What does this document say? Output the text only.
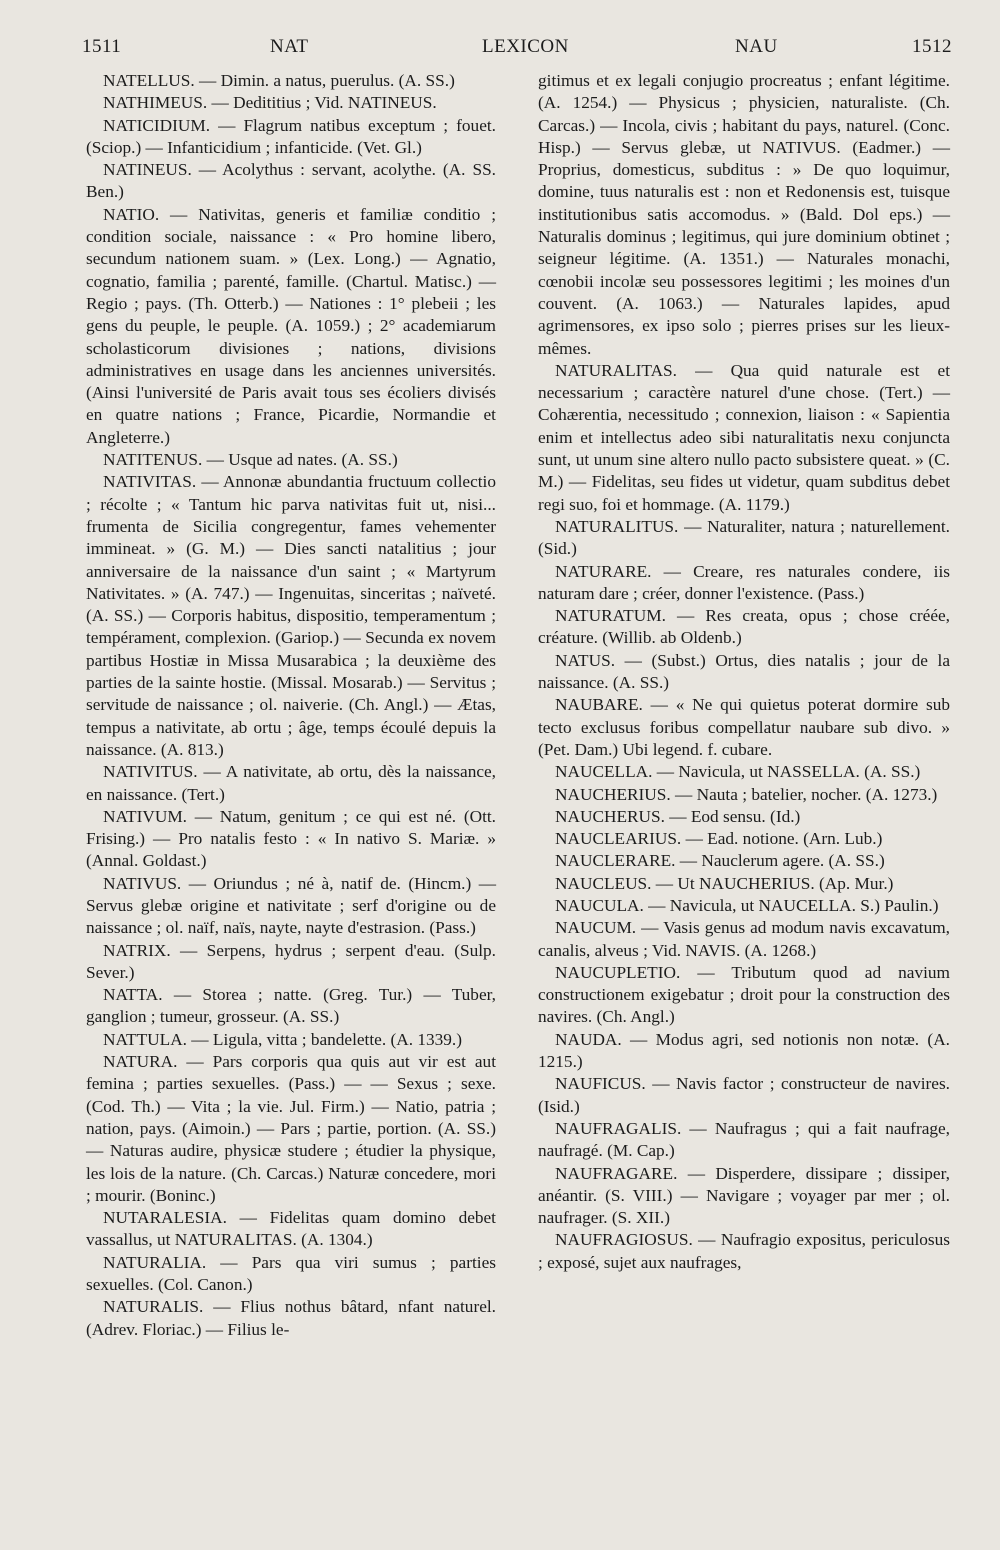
1511	NAT	LEXICON	NAU	1512

NATELLUS. — Dimin. a natus, puerulus. (A. SS.)

NATHIMEUS. — Dedititius ; Vid. NATINEUS.

NATICIDIUM. — Flagrum natibus exceptum ; fouet. (Sciop.) — Infanticidium ; infanticide. (Vet. Gl.)

NATINEUS. — Acolythus : servant, acolythe. (A. SS. Ben.)

NATIO. — Nativitas, generis et familiæ conditio ; condition sociale, naissance : « Pro homine libero, secundum nationem suam. » (Lex. Long.) — Agnatio, cognatio, familia ; parenté, famille. (Chartul. Matisc.) — Regio ; pays. (Th. Otterb.) — Nationes : 1° plebeii ; les gens du peuple, le peuple. (A. 1059.) ; 2° academiarum scholasticorum divisiones ; nations, divisions administratives en usage dans les anciennes universités. (Ainsi l'université de Paris avait tous ses écoliers divisés en quatre nations ; France, Picardie, Normandie et Angleterre.)

NATITENUS. — Usque ad nates. (A. SS.)

NATIVITAS. — Annonæ abundantia fructuum collectio ; récolte ; « Tantum hic parva nativitas fuit ut, nisi... frumenta de Sicilia congregentur, fames vehementer immineat. » (G. M.) — Dies sancti natalitius ; jour anniversaire de la naissance d'un saint ; « Martyrum Nativitates. » (A. 747.) — Ingenuitas, sinceritas ; naïveté. (A. SS.) — Corporis habitus, dispositio, temperamentum ; tempérament, complexion. (Gariop.) — Secunda ex novem partibus Hostiæ in Missa Musarabica ; la deuxième des parties de la sainte hostie. (Missal. Mosarab.) — Servitus ; servitude de naissance ; ol. naiverie. (Ch. Angl.) — Ætas, tempus a nativitate, ab ortu ; âge, temps écoulé depuis la naissance. (A. 813.)

NATIVITUS. — A nativitate, ab ortu, dès la naissance, en naissance. (Tert.)

NATIVUM. — Natum, genitum ; ce qui est né. (Ott. Frising.) — Pro natalis festo : « In nativo S. Mariæ. » (Annal. Goldast.)

NATIVUS. — Oriundus ; né à, natif de. (Hincm.) — Servus glebæ origine et nativitate ; serf d'origine ou de naissance ; ol. naïf, naïs, nayte, nayte d'estrasion. (Pass.)

NATRIX. — Serpens, hydrus ; serpent d'eau. (Sulp. Sever.)

NATTA. — Storea ; natte. (Greg. Tur.) — Tuber, ganglion ; tumeur, grosseur. (A. SS.)

NATTULA. — Ligula, vitta ; bandelette. (A. 1339.)

NATURA. — Pars corporis qua quis aut vir est aut femina ; parties sexuelles. (Pass.) — — Sexus ; sexe. (Cod. Th.) — Vita ; la vie. Jul. Firm.) — Natio, patria ; nation, pays. (Aimoin.) — Pars ; partie, portion. (A. SS.) — Naturas audire, physicæ studere ; étudier la physique, les lois de la nature. (Ch. Carcas.) Naturæ concedere, mori ; mourir. (Boninc.)

NUTARALESIA. — Fidelitas quam domino debet vassallus, ut NATURALITAS. (A. 1304.)

NATURALIA. — Pars qua viri sumus ; parties sexuelles. (Col. Canon.)

NATURALIS. — Flius nothus bâtard, nfant naturel. (Adrev. Floriac.) — Filius le-

gitimus et ex legali conjugio procreatus ; enfant légitime. (A. 1254.) — Physicus ; physicien, naturaliste. (Ch. Carcas.) — Incola, civis ; habitant du pays, naturel. (Conc. Hisp.) — Servus glebæ, ut NATIVUS. (Eadmer.) — Proprius, domesticus, subditus : » De quo loquimur, domine, tuus naturalis est : non et Redonensis est, tuisque institutionibus satis accomodus. » (Bald. Dol eps.) — Naturalis dominus ; legitimus, qui jure dominium obtinet ; seigneur légitime. (A. 1351.) — Naturales monachi, cœnobii incolæ seu possessores legitimi ; les moines d'un couvent. (A. 1063.) — Naturales lapides, apud agrimensores, ex ipso solo ; pierres prises sur les lieux-mêmes.

NATURALITAS. — Qua quid naturale est et necessarium ; caractère naturel d'une chose. (Tert.) — Cohærentia, necessitudo ; connexion, liaison : « Sapientia enim et intellectus adeo sibi naturalitatis nexu conjuncta sunt, ut unum sine altero nullo pacto subsistere queat. » (C. M.) — Fidelitas, seu fides ut videtur, quam subditus debet regi suo, foi et hommage. (A. 1179.)

NATURALITUS. — Naturaliter, natura ; naturellement. (Sid.)

NATURARE. — Creare, res naturales condere, iis naturam dare ; créer, donner l'existence. (Pass.)

NATURATUM. — Res creata, opus ; chose créée, créature. (Willib. ab Oldenb.)

NATUS. — (Subst.) Ortus, dies natalis ; jour de la naissance. (A. SS.)

NAUBARE. — « Ne qui quietus poterat dormire sub tecto exclusus foribus compellatur naubare sub divo. » (Pet. Dam.) Ubi legend. f. cubare.

NAUCELLA. — Navicula, ut NASSELLA. (A. SS.)

NAUCHERIUS. — Nauta ; batelier, nocher. (A. 1273.)

NAUCHERUS. — Eod sensu. (Id.)

NAUCLEARIUS. — Ead. notione. (Arn. Lub.)

NAUCLERARE. — Nauclerum agere. (A. SS.)

NAUCLEUS. — Ut NAUCHERIUS. (Ap. Mur.)

NAUCULA. — Navicula, ut NAUCELLA. S.) Paulin.)

NAUCUM. — Vasis genus ad modum navis excavatum, canalis, alveus ; Vid. NAVIS. (A. 1268.)

NAUCUPLETIO. — Tributum quod ad navium constructionem exigebatur ; droit pour la construction des navires. (Ch. Angl.)

NAUDA. — Modus agri, sed notionis non notæ. (A. 1215.)

NAUFICUS. — Navis factor ; constructeur de navires. (Isid.)

NAUFRAGALIS. — Naufragus ; qui a fait naufrage, naufragé. (M. Cap.)

NAUFRAGARE. — Disperdere, dissipare ; dissiper, anéantir. (S. VIII.) — Navigare ; voyager par mer ; ol. naufrager. (S. XII.)

NAUFRAGIOSUS. — Naufragio expositus, periculosus ; exposé, sujet aux naufrages,
